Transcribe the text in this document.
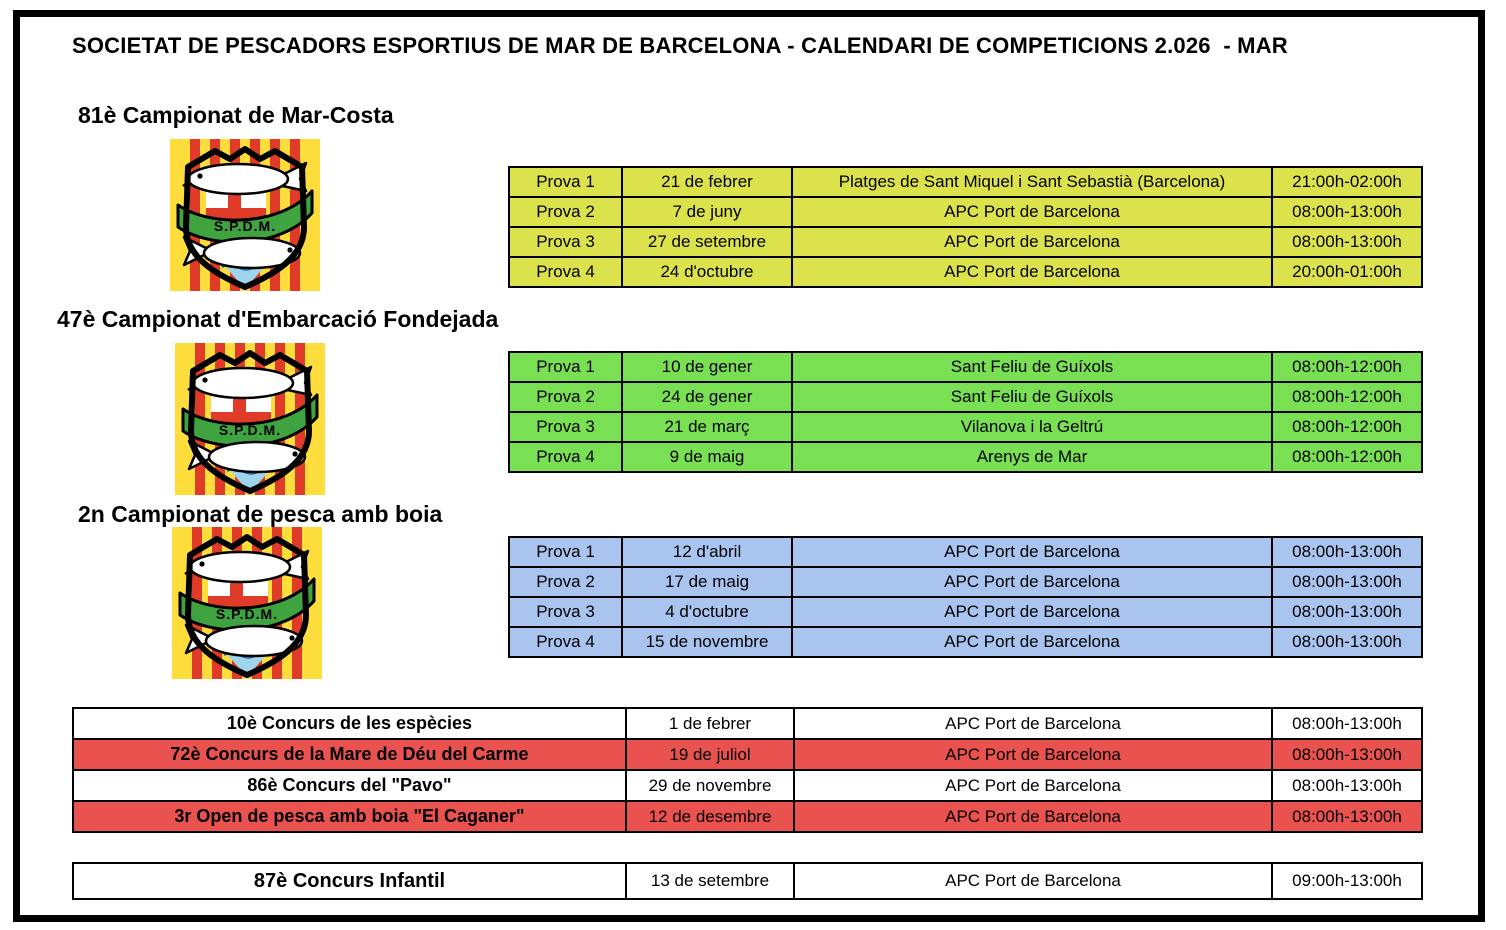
SOCIETAT DE PESCADORS ESPORTIUS DE MAR DE BARCELONA - CALENDARI DE COMPETICIONS 2.026  - MAR
81è Campionat de Mar-Costa
Prova 1	21 de febrer	Platges de Sant Miquel i Sant Sebastià (Barcelona)	21:00h-02:00h
Prova 2	7 de juny	APC Port de Barcelona	08:00h-13:00h
Prova 3	27 de setembre	APC Port de Barcelona	08:00h-13:00h
Prova 4	24 d'octubre	APC Port de Barcelona	20:00h-01:00h
47è Campionat d'Embarcació Fondejada
Prova 1	10 de gener	Sant Feliu de Guíxols	08:00h-12:00h
Prova 2	24 de gener	Sant Feliu de Guíxols	08:00h-12:00h
Prova 3	21 de març	Vilanova i la Geltrú	08:00h-12:00h
Prova 4	9 de maig	Arenys de Mar	08:00h-12:00h
2n Campionat de pesca amb boia
Prova 1	12 d'abril	APC Port de Barcelona	08:00h-13:00h
Prova 2	17 de maig	APC Port de Barcelona	08:00h-13:00h
Prova 3	4 d'octubre	APC Port de Barcelona	08:00h-13:00h
Prova 4	15 de novembre	APC Port de Barcelona	08:00h-13:00h
10è Concurs de les espècies	1 de febrer	APC Port de Barcelona	08:00h-13:00h
72è Concurs de la Mare de Déu del Carme	19 de juliol	APC Port de Barcelona	08:00h-13:00h
86è Concurs del "Pavo"	29 de novembre	APC Port de Barcelona	08:00h-13:00h
3r Open de pesca amb boia "El Caganer"	12 de desembre	APC Port de Barcelona	08:00h-13:00h
87è Concurs Infantil	13 de setembre	APC Port de Barcelona	09:00h-13:00h
